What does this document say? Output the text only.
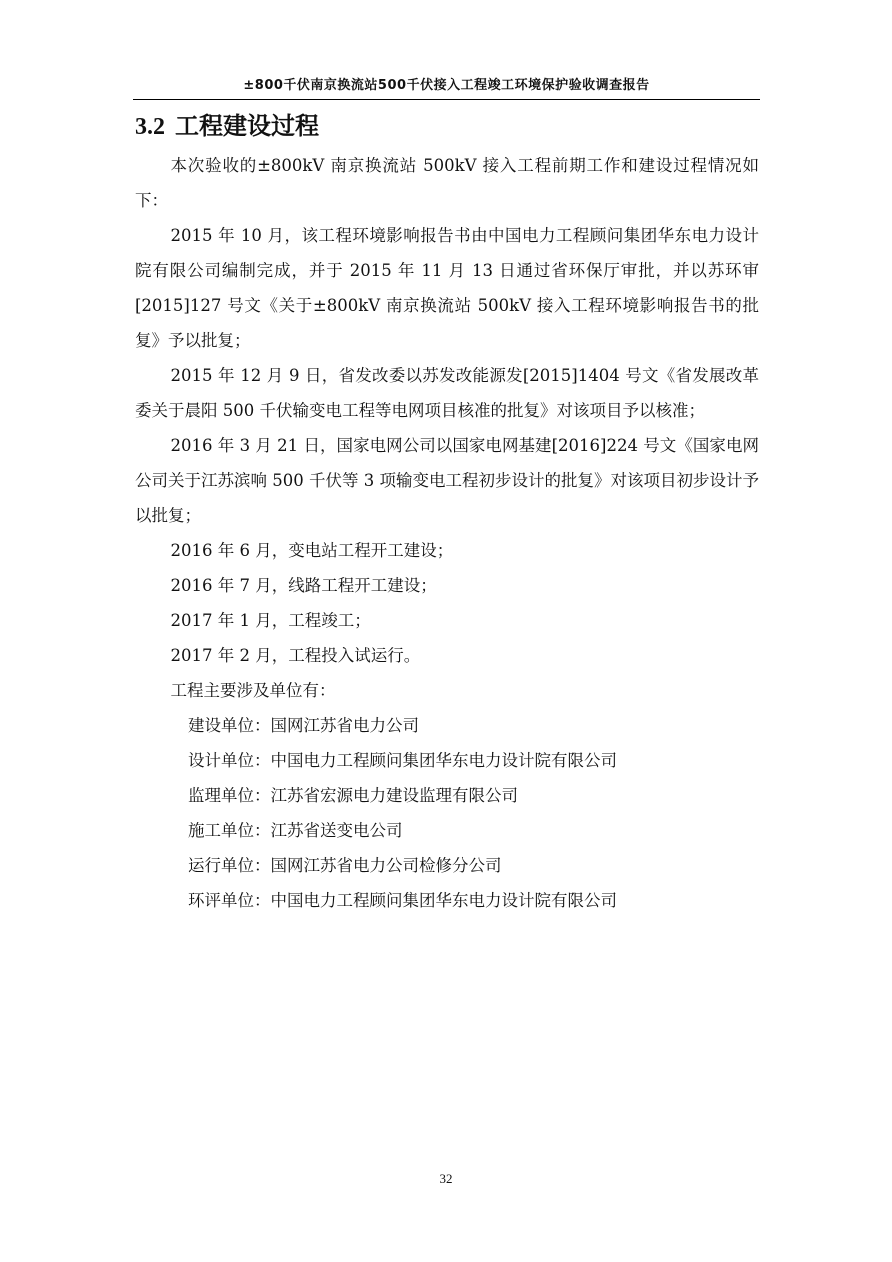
±800千伏南京换流站500千伏接入工程竣工环境保护验收调查报告
3.2 工程建设过程

本次验收的±800kV 南京换流站 500kV 接入工程前期工作和建设过程情况如下：

2015 年 10 月，该工程环境影响报告书由中国电力工程顾问集团华东电力设计院有限公司编制完成，并于 2015 年 11 月 13 日通过省环保厅审批，并以苏环审[2015]127 号文《关于±800kV 南京换流站 500kV 接入工程环境影响报告书的批复》予以批复；

2015 年 12 月 9 日，省发改委以苏发改能源发[2015]1404 号文《省发展改革委关于晨阳 500 千伏输变电工程等电网项目核准的批复》对该项目予以核准；

2016 年 3 月 21 日，国家电网公司以国家电网基建[2016]224 号文《国家电网公司关于江苏滨响 500 千伏等 3 项输变电工程初步设计的批复》对该项目初步设计予以批复；

2016 年 6 月，变电站工程开工建设；

2016 年 7 月，线路工程开工建设；

2017 年 1 月，工程竣工；

2017 年 2 月，工程投入试运行。

工程主要涉及单位有：

建设单位：国网江苏省电力公司
设计单位：中国电力工程顾问集团华东电力设计院有限公司
监理单位：江苏省宏源电力建设监理有限公司
施工单位：江苏省送变电公司
运行单位：国网江苏省电力公司检修分公司
环评单位：中国电力工程顾问集团华东电力设计院有限公司
32
